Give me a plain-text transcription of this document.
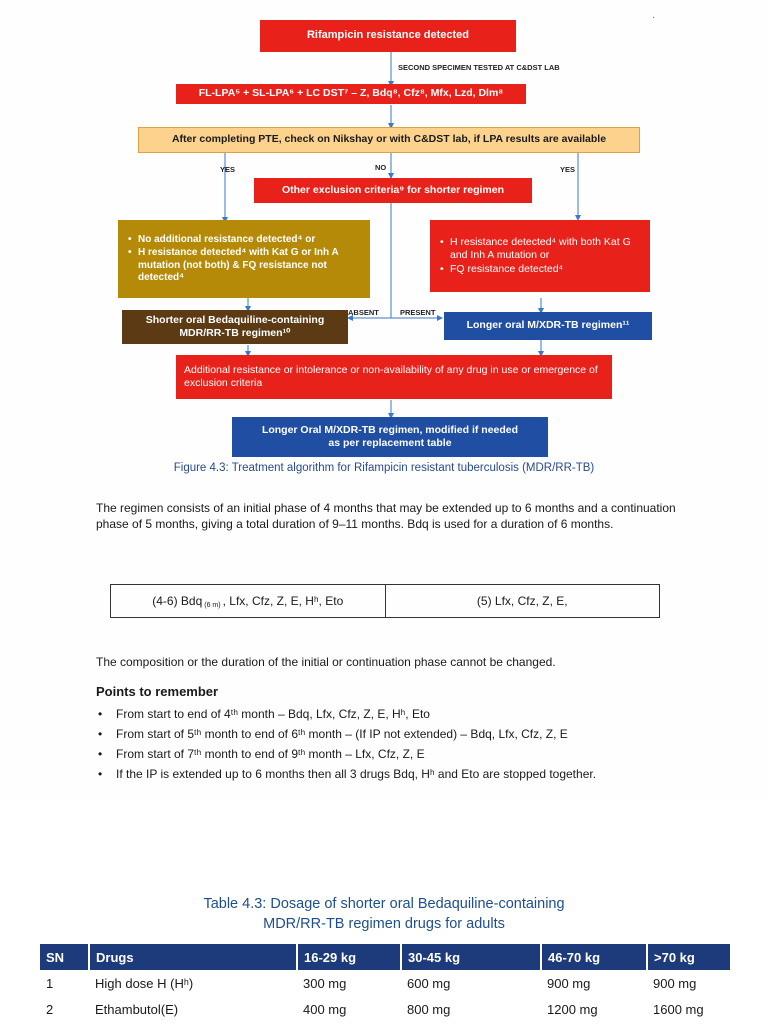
Rifampicin resistance detected
SECOND SPECIMEN TESTED AT C&DST LAB
FL-LPA⁵ + SL-LPA⁶ + LC DST⁷ – Z, Bdq⁸, Cfz⁸, Mfx, Lzd, Dlm⁸
After completing PTE, check on Nikshay or with C&DST lab, if LPA results are available
YES	NO	YES
Other exclusion criteria⁹ for shorter regimen
• No additional resistance detected⁴ or
• H resistance detected⁴ with Kat G or Inh A mutation (not both) & FQ resistance not detected⁴
• H resistance detected⁴ with both Kat G and Inh A mutation or
• FQ resistance detected⁴
ABSENT	PRESENT
Shorter oral Bedaquiline-containing MDR/RR-TB regimen¹⁰
Longer oral M/XDR-TB regimen¹¹
Additional resistance or intolerance or non-availability of any drug in use or emergence of exclusion criteria
Longer Oral M/XDR-TB regimen, modified if needed as per replacement table
·
Figure 4.3: Treatment algorithm for Rifampicin resistant tuberculosis (MDR/RR-TB)
The regimen consists of an initial phase of 4 months that may be extended up to 6 months and a continuation phase of 5 months, giving a total duration of 9–11 months. Bdq is used for a duration of 6 months.
(4-6) Bdq (6 m) , Lfx, Cfz, Z, E, Hʰ, Eto	(5) Lfx, Cfz, Z, E,
The composition or the duration of the initial or continuation phase cannot be changed.
Points to remember
• From start to end of 4ᵗʰ month – Bdq, Lfx, Cfz, Z, E, Hʰ, Eto
• From start of 5ᵗʰ month to end of 6ᵗʰ month – (If IP not extended) – Bdq, Lfx, Cfz, Z, E
• From start of 7ᵗʰ month to end of 9ᵗʰ month – Lfx, Cfz, Z, E
• If the IP is extended up to 6 months then all 3 drugs Bdq, Hʰ and Eto are stopped together.
Table 4.3: Dosage of shorter oral Bedaquiline-containing
MDR/RR-TB regimen drugs for adults
SN	Drugs	16-29 kg	30-45 kg	46-70 kg	>70 kg
1	High dose H (Hʰ)	300 mg	600 mg	900 mg	900 mg
2	Ethambutol(E)	400 mg	800 mg	1200 mg	1600 mg
